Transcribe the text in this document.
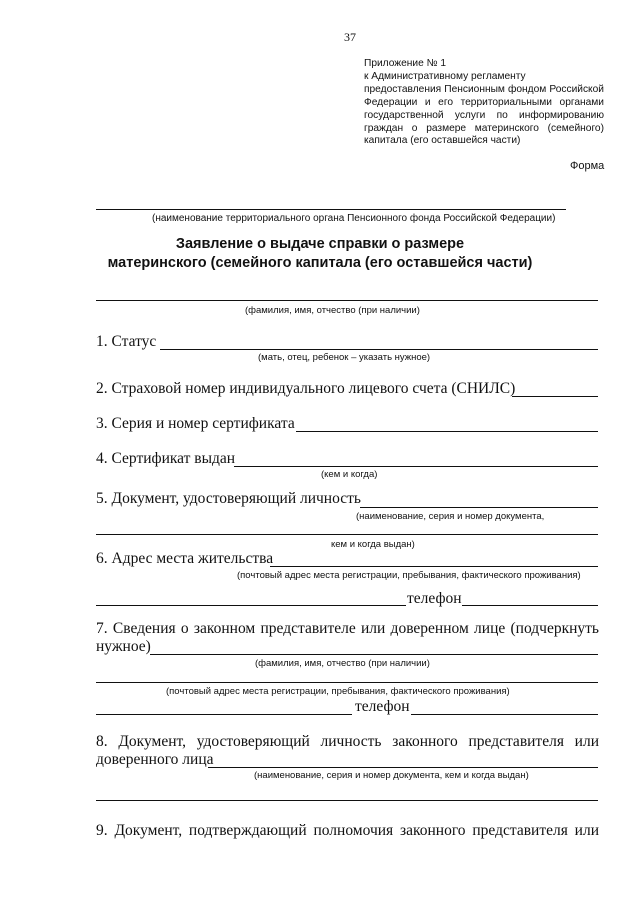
37
Приложение № 1
к Административному регламенту
предоставления Пенсионным фондом Российской
Федерации и его территориальными органами
государственной услуги по информированию
граждан о размере материнского (семейного)
капитала (его оставшейся части)
Форма
(наименование территориального органа Пенсионного фонда Российской Федерации)
Заявление о выдаче справки о размере
материнского (семейного капитала (его оставшейся части)
(фамилия, имя, отчество (при наличии)
1. Статус
(мать, отец, ребенок – указать нужное)
2. Страховой номер индивидуального лицевого счета (СНИЛС)
3. Серия и номер сертификата
4. Сертификат выдан
(кем и когда)
5. Документ, удостоверяющий личность
(наименование, серия и номер документа,
кем и когда выдан)
6. Адрес места жительства
(почтовый адрес места регистрации, пребывания, фактического проживания)
телефон
7. Сведения о законном представителе или доверенном лице (подчеркнуть
нужное)
(фамилия, имя, отчество (при наличии)
(почтовый адрес места регистрации, пребывания, фактического проживания)
телефон
8. Документ, удостоверяющий личность законного представителя или
доверенного лица
(наименование, серия и номер документа, кем и когда выдан)
9. Документ, подтверждающий полномочия законного представителя или
